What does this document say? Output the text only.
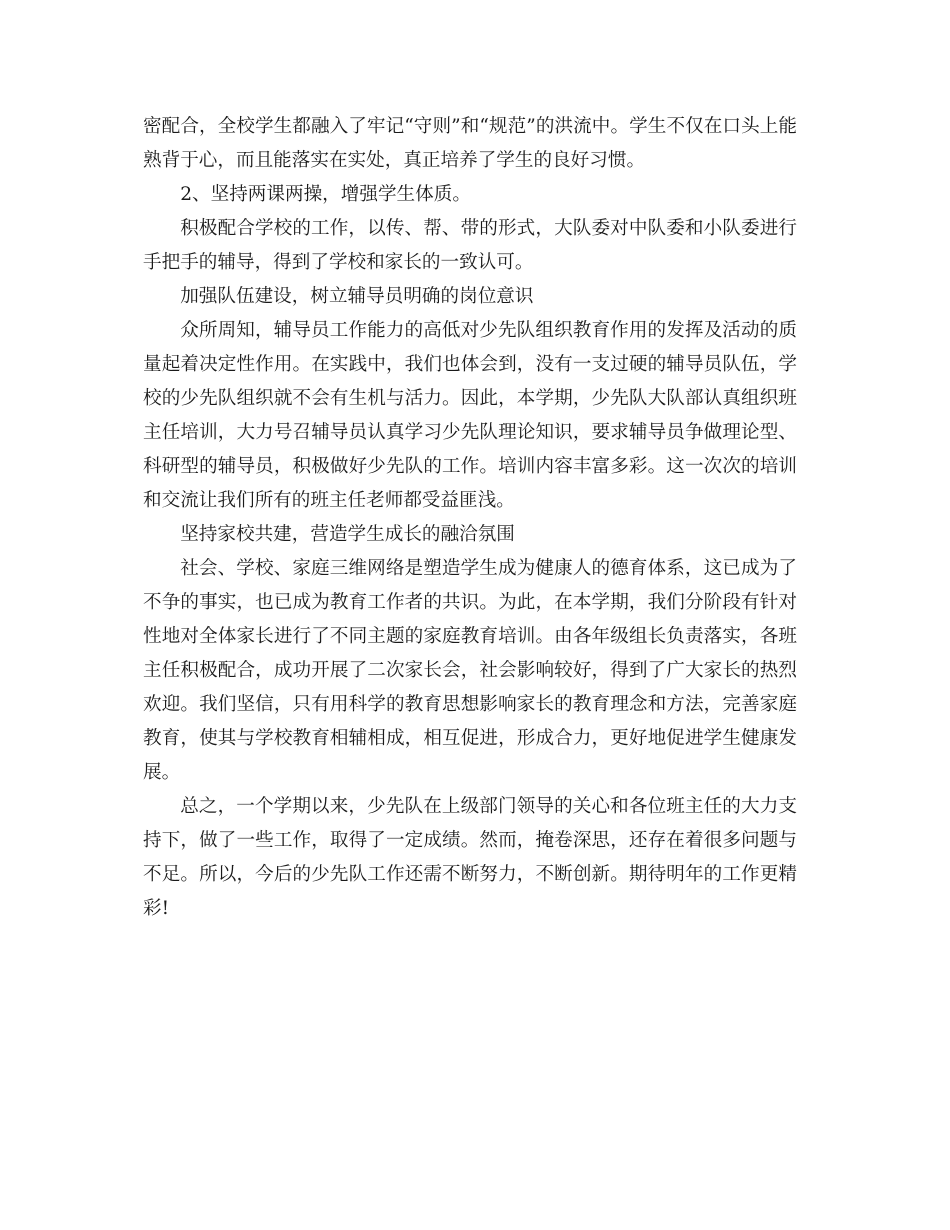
密配合，全校学生都融入了牢记“守则”和“规范”的洪流中。学生不仅在口头上能熟背于心，而且能落实在实处，真正培养了学生的良好习惯。

2、坚持两课两操，增强学生体质。

积极配合学校的工作，以传、帮、带的形式，大队委对中队委和小队委进行手把手的辅导，得到了学校和家长的一致认可。

加强队伍建设，树立辅导员明确的岗位意识

众所周知，辅导员工作能力的高低对少先队组织教育作用的发挥及活动的质量起着决定性作用。在实践中，我们也体会到，没有一支过硬的辅导员队伍，学校的少先队组织就不会有生机与活力。因此，本学期，少先队大队部认真组织班主任培训，大力号召辅导员认真学习少先队理论知识，要求辅导员争做理论型、科研型的辅导员，积极做好少先队的工作。培训内容丰富多彩。这一次次的培训和交流让我们所有的班主任老师都受益匪浅。

坚持家校共建，营造学生成长的融洽氛围

社会、学校、家庭三维网络是塑造学生成为健康人的德育体系，这已成为了不争的事实，也已成为教育工作者的共识。为此，在本学期，我们分阶段有针对性地对全体家长进行了不同主题的家庭教育培训。由各年级组长负责落实，各班主任积极配合，成功开展了二次家长会，社会影响较好，得到了广大家长的热烈欢迎。我们坚信，只有用科学的教育思想影响家长的教育理念和方法，完善家庭教育，使其与学校教育相辅相成，相互促进，形成合力，更好地促进学生健康发展。

总之，一个学期以来，少先队在上级部门领导的关心和各位班主任的大力支持下，做了一些工作，取得了一定成绩。然而，掩卷深思，还存在着很多问题与不足。所以，今后的少先队工作还需不断努力，不断创新。期待明年的工作更精彩!
